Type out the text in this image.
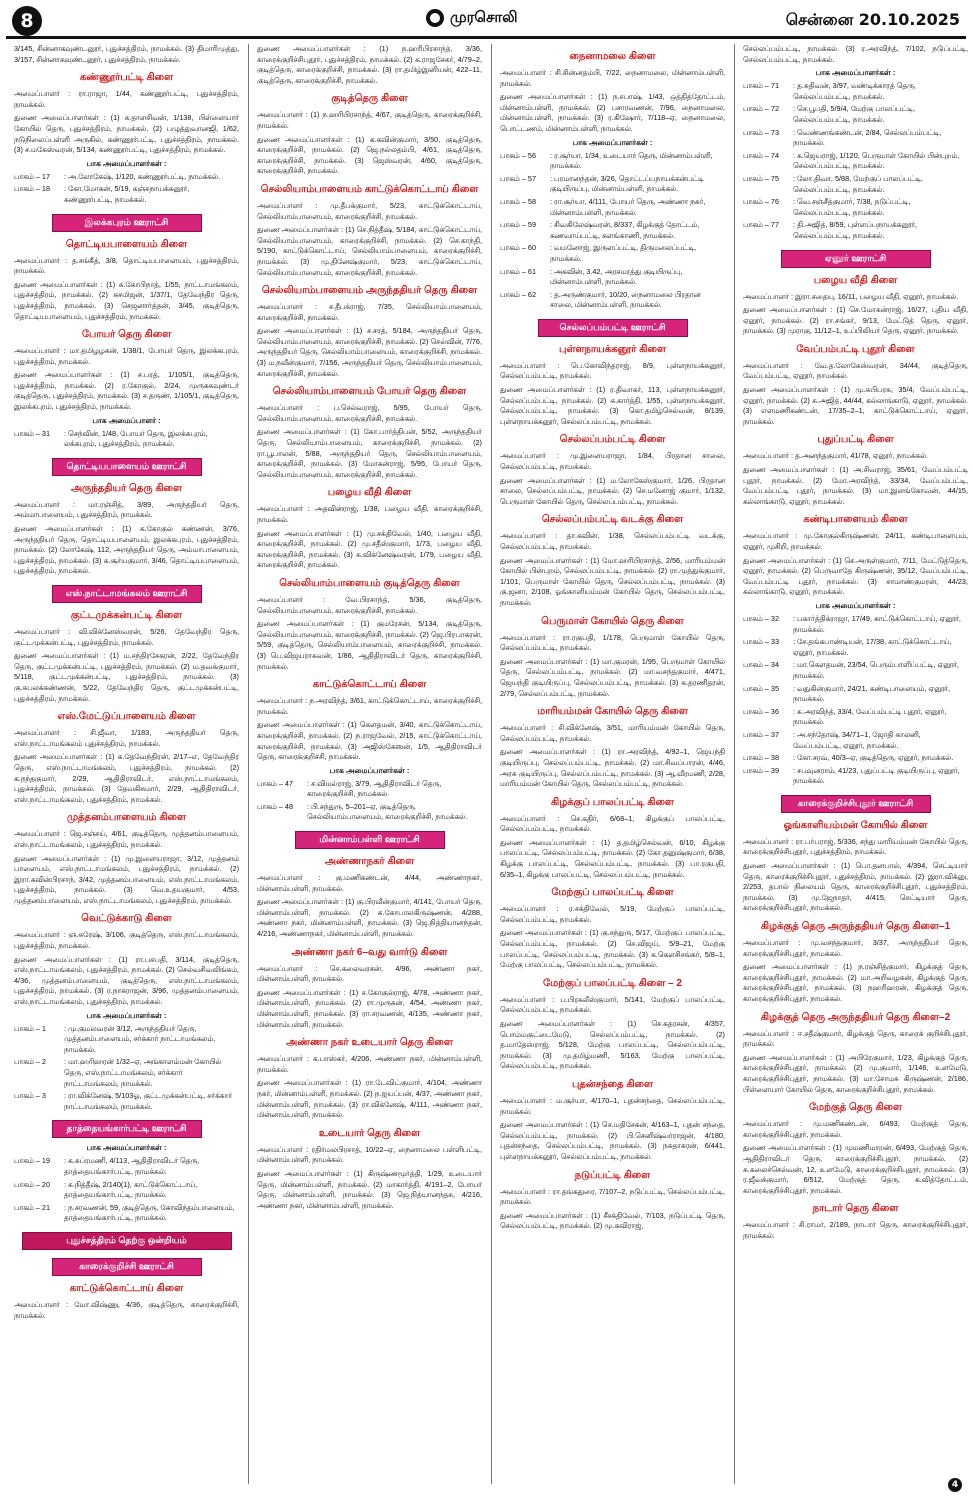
8	முரசொலி	சென்னை 20.10.2025

3/145, சின்னாகவுண்டனூர், புதுச்சத்திரம், நாமக்கல். (3) திமாரிமுத்து, 3/157, சின்னாகவுண்டனூர், புதுச்சத்திரம், நாமக்கல்.

கண்ணூர்பட்டி கிளை

அமைப்பாளர் : ரா.ராஜா, 1/44, கண்ணூர்பட்டி, புதுச்சத்திரம், நாமக்கல்.

துணை அமைப்பாளர்கள் : (1) க.தாளசிவன், 1/138, பிள்ளையார் கோயில் தெரு, புதுச்சத்திரம், நாமக்கல். (2) பழுத்துவானஜி, 1/62, நடுநிலைப்பள்ளி அருகில், கண்ணூர்பட்டி, புதுச்சத்திரம், நாமக்கல். (3) ச.மகேஸ்வரன், 5/134, கண்ணூர்பட்டி, புதுச்சத்திரம், நாமக்கல்.

பாக அமைப்பாளர்கள் :
பாகம் – 17	: அ.லோகேஷ், 1/120, கண்ணூர்பட்டி, நாமக்கல்.
பாகம் – 18	: கோ.மோகன், 5/19, கஞ்சநாயக்கனூர், கண்ணூர்பட்டி, நாமக்கல்.
இலக்கபுரம் ஊராட்சி
தொட்டியபாளையம் கிளை

அமைப்பாளர் : த.சங்கீத், 3/8, தொட்டியபாளையம், புதுச்சத்திரம், நாமக்கல்.

துணை அமைப்பாளர்கள் : (1) க.கோபிநாத், 1/55, நாட்டாமங்கலம், புதுச்சத்திரம், நாமக்கல். (2) சுசமிஜன், 1/37/1, தேவேந்திர தெரு, புதுச்சத்திரம், நாமக்கல். (3) செஜனார்த்தன், 3/45, குடித்தெரு, தொட்டியபாளையம், புதுச்சத்திரம், நாமக்கல்.

போயர் தெரு கிளை

அமைப்பாளர் : மா.தமிழழகன், 1/38/1, போயர் தெரு, இலக்கபுரம், புதுச்சத்திரம், நாமக்கல்.

துணை அமைப்பாளர்கள் : (1) ச.பரத், 1/105/1, குடித்தெரு, புதுச்சத்திரம், நாமக்கல். (2) ர.கோகுல், 2/24, முருககவுண்டர் குடித்தெரு, புதுச்சத்திரம், நாமக்கல். (3) ச.தருண், 1/105/1, குடித்தெரு, இலக்கபுரம், புதுச்சத்திரம், நாமக்கல்.

பாக அமைப்பாளர் :
பாகம் – 31	: செந்வின், 1/48, போயர் தெரு, இலக்கபுரம், லக்கபுரம், புதுச்சத்திரம், நாமக்கல்.
தொட்டியபாளையம் ஊராட்சி
அருந்ததியர் தெரு கிளை

அமைப்பாளர் : மா.ரஞ்சித், 3/89, அருந்ததியர் தெரு, அம்மாபாளையம், புதுச்சத்திரம், நாமக்கல்.

துணை அமைப்பாளர்கள் : (1) க.கோகுல் கண்ணன், 3/76, அருந்ததியர் தெரு, தொட்டியபாளையம், இலக்கபுரம், புதுச்சத்திரம், நாமக்கல். (2) லோகேஷ், 112, அருந்ததியர் தெரு, அம்மாபாளையம், புதுச்சத்திரம், நாமக்கல். (3) க.சூர்யகுமார், 3/46, தொட்டியபாளையம், புதுச்சத்திரம், நாமக்கல்.

எஸ்.நாட்டாமங்கலம் ஊராட்சி
குட்டமுக்கன்பட்டி கிளை

அமைப்பாளர் : வி.விக்னேஸ்வரன், 5/26, தேவேந்திர தெரு, குட்டமுக்கன்பட்டி, புதுச்சத்திரம், நாமக்கல்.

துணை அமைப்பாளர்கள் : (1) ம.சந்திரசேகரன், 2/22, தேவேந்திர தெரு, குட்டமுக்கன்பட்டி, புதுச்சத்திரம், நாமக்கல். (2) ம.தவக்குமார், 5/118, குட்டமுக்கன்பட்டி, புதுச்சத்திரம், நாமக்கல். (3) கு.சுபலக்கண்ணன், 5/22, தேவேந்திர தெரு, குட்டமுக்கன்பட்டி, புதுச்சத்திரம், நாமக்கல்.

எஸ்.மேட்டுப்பாளையம் கிளை

அமைப்பாளர் : சி.ஜீவா, 1/183, அருந்ததியர் தெரு, எஸ்.நாட்டாமங்கலம் புதுச்சத்திரம், நாமக்கல்.

துணை அமைப்பாளர்கள் : (1) க.தேவேந்திரன், 2/17–எ, தேவேந்திர தெரு, எஸ்.நாட்டாமங்கலம், புதுச்சத்திரம், நாமக்கல். (2) க.நந்தகுமார், 2/29, ஆதிதிராவிடர், எஸ்.நாட்டாமங்கலம், புதுச்சத்திரம், நாமக்கல். (3) தேவகிசுமார், 2/29, ஆதிதிராவிடர், எஸ்.நாட்டாமங்கலம், புதுச்சத்திரம், நாமக்கல்.

முத்தனம்பாளையம் கிளை

அமைப்பாளர் : ஜெ.சஞ்சய், 4/61, குடித்தெரு, முத்தனம்பாளையம், எஸ்.நாட்டாமங்கலம், புதுச்சத்திரம், நாமக்கல்.

துணை அமைப்பாளர்கள் : (1) மு.இளையராஜா, 3/12, முத்தனம் பாளையம், எஸ்.நாட்டாமங்கலம், புதுச்சத்திரம், நாமக்கல். (2) இரா.கவின்பிரசாந், 3/42, முத்தனம்பாளையம், எஸ்.நாட்டாமங்கலம், புதுச்சத்திரம், நாமக்கல். (3) வெ.உதயகுமார், 4/53, முத்தனம்பாளையம், எஸ்.நாட்டாமங்கலம், புதுச்சத்திரம், நாமக்கல்.

வெட்டுக்காடு கிளை

அமைப்பாளர் : ஞ.சுரேஷ், 3/106, குடித்தெரு, எஸ்.நாட்டாமங்கலம், புதுச்சத்திரம், நாமக்கல்.

துணை அமைப்பாளர்கள் : (1) ரா.பசபதி, 3/114, குடித்தெரு, எஸ்.நாட்டாமங்கலம், புதுச்சத்திரம், நாமக்கல். (2) செல்வசிவலிங்கம், 4/36, முத்தனம்பாளையம், குடித்தெரு, எஸ்.நாட்டாமங்கலம், புதுச்சத்திரம், நாமக்கல். (3) ர.நாகராஜன், 3/96, முத்தனம்பாளையம், எஸ்.நாட்டாமங்கலம், புதுச்சத்திரம், நாமக்கல்.

பாக அமைப்பாளர்கள் :
பாகம் – 1	: மு.குமலவரன் 3/12, அருந்ததியர் தெரு, முத்தனம்பாளையம், சர்க்கார் நாட்டாமங்கலம், நாமக்கல்.
பாகம் – 2	: மா.ஹரிஹரன் 1/32–ஏ, அங்காளம்மன் கோயில் தெரு, எஸ்.நாட்டாமங்கலம், சர்க்கார் நாட்டாமங்கலம், நாமக்கல்.
பாகம் – 3	: ரா.விக்னேஷ், 5/103ஓ, குட்டமுக்கன்பட்டி, சர்க்கார் நாட்டாமங்கலம், நாமக்கல்.
தாத்தையங்கார்பட்டி ஊராட்சி
பாக அமைப்பாளர்கள் :
பாகம் – 19	: க.சுப்ரமணி, 4/113, ஆதிதிராவிடர் தெரு, தாத்தையங்கார்பட்டி, நாமக்கல்.
பாகம் – 20	: சு.நித்தீஷ், 2/140(1), காட்டுக்கொட்டாய், தாத்தையங்கார்பட்டி, நாமக்கல்.
பாகம் – 21	: ந.சரவணன், 59, குடித்தெரு, கோவிந்தம்பாளையம், தாத்தையங்கார்பட்டி, நாமக்கல்.
புதுச்சத்திரம் தெற்கு ஒன்றியம்
காரைக்குறிச்சி ஊராட்சி
காட்டுக்கொட்டாய் கிளை

அமைப்பாளர் : மோ.விஷ்ணு, 4/36, குடித்தெரு, காரைக்குறிச்சி, நாமக்கல்.

துணை அமைப்பாளர்கள் : (1) ந.ஹரிபிரசாந்த், 3/36, காரைக்குறிச்சிபுதூர், புதுச்சத்திரம், நாமக்கல். (2) க.ராஜசேகர், 4/79–2, குடித்தெரு, காரைக்குறிச்சி, நாமக்கல். (3) ரா.தமிழ்இனியன், 422–11, குடித்தெரு, காரைக்குறிச்சி, நாமக்கல்.

குடித்தெரு கிளை

அமைப்பாளர் : (1) ந.ஹரிபிரசாந்த், 4/67, குடித்தெரு, காரைக்குறிச்சி, நாமக்கல்.

துணை அமைப்பாளர்கள் : (1) க.கவின்குமார், 3/50, குடித்தெரு, காரைக்குறிச்சி, நாமக்கல். (2) ஜெ.நல்லதம்பி, 4/61, குடித்தெரு, காரைக்குறிச்சி, நாமக்கல். (3) ஜெஸ்வரன், 4/60, குடித்தெரு, காரைக்குறிச்சி, நாமக்கல்.

செல்லியாம்பாளையம் காட்டுக்கொட்டாய் கிளை

அமைப்பாளர் : மு.தீபக்குமார், 5/23, காட்டுக்கொட்டாய், செல்லியாம்பாளையம், காரைக்குறிச்சி, நாமக்கல்.

துணை அமைப்பாளர்கள் : (1) செ.நித்தீஷ், 5/184, காட்டுக்கொட்டாய், செல்லியாம்பாளையம், காரைக்குறிச்சி, நாமக்கல். (2) செ.காந்தி, 5/190, காட்டுக்கொட்டாய், செல்லியாம்பாளையம், காரைக்குறிச்சி, நாமக்கல். (3) மு.தினேஷ்குமார், 5/23, காட்டுக்கொட்டாய், செல்லியாம்பாளையம், காரைக்குறிச்சி, நாமக்கல்.

செல்லியாம்பாளையம் அருந்ததியர் தெரு கிளை

அமைப்பாளர் : ச.தீபக்ராஜ், 7/35, செல்லியாம்பாளையம், காரைக்குறிச்சி, நாமக்கல்.

துணை அமைப்பாளர்கள் : (1) ச.சரத், 5/184, அருந்ததியர் தெரு, செல்லியாம்பாளையம், காரைக்குறிச்சி, நாமக்கல். (2) செல்வின், 7/76, அருந்ததியர் தெரு, செல்லியாம்பாளையம், காரைக்குறிச்சி, நாமக்கல். (3) ம.நவீன்குமார், 7/156, அருந்ததியர் தெரு, செல்லியாம்பாளையம், காரைக்குறிச்சி, நாமக்கல்.

செல்லியாம்பாளையம் போயர் தெரு கிளை

அமைப்பாளர் : ப.செல்வராஜ், 5/95, போயர் தெரு, செல்லியாம்பாளையம், காரைக்குறிச்சி, நாமக்கல்.

துணை அமைப்பாளர்கள் : (1) கோ.பார்த்திபன், 5/52, அருந்ததியர் தெரு, செல்லியாம்பாளையம், காரைக்குறிச்சி, நாமக்கல். (2) ரா.பூபாலன், 5/88, அருந்ததியர் தெரு, செல்லியாம்பாளையம், காரைக்குறிச்சி, நாமக்கல். (3) மோகன்ராஜ், 5/95, போயர் தெரு, செல்லியாம்பாளையம், காரைக்குறிச்சி, நாமக்கல்.

பழைய வீதி கிளை

அமைப்பாளர் : அதவின்ராஜ், 1/38, பழைய வீதி, காரைக்குறிச்சி, நாமக்கல்.

துணை அமைப்பாளர்கள் : (1) மு.சக்திவேல், 1/40, பழைய வீதி, காரைக்குறிச்சி, நாமக்கல். (2) மு.சதீஸ்குமார், 1/73, பழைய வீதி, காரைக்குறிச்சி, நாமக்கல். (3) சு.விக்னேஷ்வரன், 1/79, பழைய வீதி, காரைக்குறிச்சி, நாமக்கல்.

செல்லியாம்பாளையம் குடித்தெரு கிளை

அமைப்பாளர் : வே.பிரசாந்த், 5/36, குடித்தெரு, செல்லியாம்பாளையம், காரைக்குறிச்சி, நாமக்கல்.

துணை அமைப்பாளர்கள் : (1) குமரேசன், 5/134, குடித்தெரு, செல்லியாம்பாளையம், காரைக்குறிச்சி, நாமக்கல். (2) ஜெ.பிரபாகரன், 5/59, குடித்தெரு, செல்லியாம்பாளையம், காரைக்குறிச்சி, நாமக்கல். (3) பெ.விஜயராகவன், 1/86, ஆதிதிராவிடர் தெரு, காரைக்குறிச்சி, நாமக்கல்.

காட்டுக்கொட்டாய் கிளை

அமைப்பாளர் : ந.அரவிந்த், 3/61, காட்டுக்கொட்டாய், காரைக்குறிச்சி, நாமக்கல்.

துணை அமைப்பாளர்கள் : (1) கௌதமன், 3/40, காட்டுக்கொட்டாய், காரைக்குறிச்சி, நாமக்கல். (2) ந.ராஜவேல், 2/15, காட்டுக்கொட்டாய், காரைக்குறிச்சி, நாமக்கல். (3) அஜிஸ்கேஸன், 1/5, ஆதிதிராவிடர் தெரு, காரைக்குறிச்சி, நாமக்கல்.

பாக அமைப்பாளர்கள் :
பாகம் – 47	: ச.விமல்ராஜ், 3/79, ஆதிதிராவிடர் தெரு, காரைக்குறிச்சி, நாமக்கல்.
பாகம் – 48	: பி.சந்துரு, 5–201–ஏ, குடித்தெரு, செல்லியாம்பாளையம், காரைக்குறிச்சி, நாமக்கல்.
மின்னாம்பள்ளி ஊராட்சி
அண்ணாநகர் கிளை

அமைப்பாளர் : கு.மணிகண்டன், 4/44, அண்ணாநகர், மின்னாம்பள்ளி, நாமக்கல்.

துணை அமைப்பாளர்கள் : (1) கு.பிரவீன்குமார், 4/141, போயர் தெரு, மின்னாம்பள்ளி, நாமக்கல். (2) சு.கோபாலகிருஷ்ணன், 4/288, அண்ணா நகர், மின்னாம்பள்ளி, நாமக்கல். (3) ஜெ.நித்தியானந்தன், 4/216, அண்ணாநகர், மின்னாம்பள்ளி, நாமக்கல்.

அண்ணா நகர் 6–வது வார்டு கிளை

அமைப்பாளர் : செ.கலைவரசன், 4/96, அண்ணா நகர், மின்னாம்பள்ளி, நாமக்கல்.

துணை அமைப்பாளர்கள் : (1) ச.கோகுல்ராஜ், 4/78, அண்ணா நகர், மின்னாம்பள்ளி, நாமக்கல். (2) ரா.முருகன், 4/54, அண்ணா நகர், மின்னாம்பள்ளி, நாமக்கல். (3) ரா.சரவணன், 4/135, அண்ணா நகர், மின்னாம்பள்ளி, நாமக்கல்.

அண்ணா நகர் உடையார் தெரு கிளை

அமைப்பாளர் : க.பாஸ்கர், 4/206, அண்ணா நகர், மின்னாம்பள்ளி, நாமக்கல்.

துணை அமைப்பாளர்கள் : (1) ரா.டேவிட்குமார், 4/104, அண்ணா நகர், மின்னாம்பள்ளி, நாமக்கல். (2) ந.ஐயப்பன், 4/37, அண்ணா நகர், மின்னாம்பள்ளி, நாமக்கல். (3) ரா.விக்னேஷ், 4/111, அண்ணா நகர், மின்னாம்பள்ளி, நாமக்கல்.

உடையார் தெரு கிளை

அமைப்பாளர் : ரதிர்மலபிரசாத், 10/22–ஏ, நைனாமலை பள்ளிபட்டி, மின்னாம்பள்ளி, நாமக்கல்.

துணை அமைப்பாளர்கள் : (1) கிருஷ்ணமூர்த்தி, 1/29, உடையார் தெரு, மின்னாம்பள்ளி, நாமக்கல். (2) மாகார்த்தி, 4/191–2, போயர் தெரு, மின்னாம்பள்ளி, நாமக்கல். (3) ஜெ.நித்யானந்தசு, 4/216, அண்ணா நகர், மின்னாம்பள்ளி, நாமக்கல்.

நைனாமலை கிளை

அமைப்பாளர் : சி.சின்னதம்பி, 7/22, நைனாமலை, மின்னாம்பள்ளி, நாமக்கல்.

துணை அமைப்பாளர்கள் : (1) ந.சபாஷ், 1/43, ஒத்தித்தோட்டம், மின்னாம்பள்ளி, நாமக்கல். (2) பசாரவணன், 7/96, நைனாமலை, மின்னாம்பள்ளி, நாமக்கல். (3) ர.கிஷோர், 7/118–ஏ, நைனாமலை, பொட்டணம், மின்னாம்பள்ளி, நாமக்கல்.

பாக அமைப்பாளர்கள் :
பாகம் – 56	: ர.சூர்யா, 1/34, உடையார் தெரு, மின்னாம்பள்ளி, நாமக்கல்.
பாகம் – 57	: பரமானந்தன், 3/26, தொட்டப்பநாயக்கன்பட்டி குடியிருப்பு, மின்னாம்பள்ளி, நாமக்கல்.
பாகம் – 58	: ரா.சூர்யா, 4/111, போயர் தெரு, அண்ணா நகர், மின்னாம்பள்ளி, நாமக்கல்.
பாகம் – 59	: சிவகிலேஷ்வரன், 8/337, கிழக்குத் தோட்டம், கணவாய்பட்டி, களங்காணி, நாமக்கல்.
பாகம் – 60	: வமனோஜ், இருளப்பட்டி, திருமலைப்பட்டி, நாமக்கல்.
பாகம் – 61	: அகவின், 3.42, அரசமரத்து குடியிருப்பு, மின்னாம்பள்ளி, நாமக்கல்.
பாகம் – 62	: த.அருண்குமார், 10/20, நைனாமலை பிரதான சாலை, மின்னாம்பள்ளி, நாமக்கல்.
செல்லப்பம்பட்டி ஊராட்சி
புள்ளநாயக்கனூர் கிளை

அமைப்பாளர் : பெ.கோவிந்தராஜ், 8/9, புள்ளநாயக்கனூர், செல்லப்பம்பட்டி, நாமக்கல்.

துணை அமைப்பாளர்கள் : (1) ர.திவாகர், 113, புள்ளநாயக்கனூர், செல்லப்பம்பட்டி, நாமக்கல். (2) சு.கார்த்தி, 1/55, புள்ளநாயக்கனூர், செல்லப்பம்பட்டி, நாமக்கல். (3) கொ.தமிழ்செல்வன், 8/139, புள்ளநாயக்கனூர், செல்லப்பம்பட்டி, நாமக்கல்.

செல்லப்பம்பட்டி கிளை

அமைப்பாளர் : மு.இளையராஜா, 1/84, பிரதான சாலை, செல்லப்பம்பட்டி, நாமக்கல்.

துணை அமைப்பாளர்கள் : (1) ம.லோகேஸ்குமார், 1/26, பிரதான சாலை, செல்லப்பம்பட்டி, நாமக்கல். (2) செ.மனோஜ் குமார், 1/132, பெருமாள் கோயில் தெரு, செல்லப்பம்பட்டி, நாமக்கல்.

செல்லப்பம்பட்டி வடக்கு கிளை

அமைப்பாளர் : தா.கவின், 1/38, செல்லப்பம்பட்டி வடக்கு, செல்லப்பம்பட்டி, நாமக்கல்.

துணை அமைப்பாளர்கள் : (1) மோ.ஹரிபிரசாந்த், 2/56, மாரியம்மன் கோயில் பின்புறம், செல்லப்பம்பட்டி, நாமக்கல். (2) ரா.முத்துக்குமார், 1/101, பெருமாள் கோயில் தெரு, செல்லப்பம்பட்டி, நாமக்கல். (3) கு.ஜனா, 2/108, ஓங்காளியம்மன் கோயில் தெரு, செல்லப்பம்பட்டி, நாமக்கல்.

பெருமாள் கோயில் தெரு கிளை

அமைப்பாளர் : ரா.ரகுபதி, 1/178, பெருமாள் கோயில் தெரு, செல்லப்பம்பட்டி, நாமக்கல்.

துணை அமைப்பாளர்கள் : (1) மா.குமரன், 1/95, பெருமாள் கோயில் தெரு, செல்லப்பம்பட்டி, நாமக்கல். (2) மா.வசந்தகுமார், 4/471, ஜெயந்தி குடியிருப்பு, செல்லப்பம்பட்டி, நாமக்கல். (3) க.தரணிதரன், 2/79, செல்லப்பம்பட்டி, நாமக்கல்.

மாரியம்மன் கோயில் தெரு கிளை

அமைப்பாளர் : சி.விக்னேஷ், 3/51, மாரியம்மன் கோயில் தெரு, செல்லப்பம்பட்டி, நாமக்கல்.

துணை அமைப்பாளர்கள் : (1) ரா.அரவிந்த், 4/92–1, ஜெயந்தி குடியிருப்பு, செல்லப்பம்பட்டி, நாமக்கல். (2) மா.சிவப்பாரன், 4/46, அரசு குடியிருப்பு, செல்லப்பம்பட்டி, நாமக்கல். (3) ஆ.வீரமணி, 2/28, மாரியம்மன் கோயில் தெரு, செல்லப்பம்பட்டி, நாமக்கல்.

கிழக்குப் பாலப்பட்டி கிளை

அமைப்பாளர் : செ.கதிர், 6/68–1, கிழக்குப் பாலப்பட்டி, செல்லப்பம்பட்டி, நாமக்கல்.

துணை அமைப்பாளர்கள் : (1) த.தமிழ்செல்வன், 6/10, கிழக்கு பாலப்பட்டி, செல்லப்பம்பட்டி, நாமக்கல். (2) கோ.தனுஷ்குமார், 6/38, கிழக்கு பாலப்பட்டி, செல்லப்பம்பட்டி, நாமக்கல். (3) பா.ரகுபதி, 6/35–1, கிழக்கு பாலப்பட்டி, செல்லப்பம்பட்டி, நாமக்கல்.

மேற்குப் பாலப்பட்டி கிளை

அமைப்பாளர் : ர.சக்திவேல், 5/19, மேற்குப் பாலப்பட்டி, செல்லப்பம்பட்டி, நாமக்கல்.

துணை அமைப்பாளர்கள் : (1) கு.சந்துரு, 5/17, மேற்குப் பாலப்பட்டி, செல்லப்பம்பட்டி, நாமக்கல். (2) செ.விஜய், 5/9–21, மேற்கு பாலப்பட்டி, செல்லப்பம்பட்டி, நாமக்கல். (3) க.கௌசிசங்கர், 5/8–1, மேற்கு பாலப்பட்டி, செல்லப்பம்பட்டி, நாமக்கல்.

மேற்குப் பாலப்பட்டி கிளை – 2

அமைப்பாளர் : ப.பிரகலீஸ்குமார், 5/141, மேற்குப் பாலப்பட்டி, செல்லப்பம்பட்டி, நாமக்கல்.

துணை அமைப்பாளர்கள் : (1) செ.கதரசன், 4/357, பொம்மகுட்டைமேடு, செல்லப்பம்பட்டி, நாமக்கல். (2) த.மாதேஸ்ராஜ், 5/128, மேற்கு பாலப்பட்டி, செல்லப்பம்பட்டி, நாமக்கல். (3) மு.தமிழ்மணி, 5/163, மேற்கு பாலப்பட்டி, செல்லப்பம்பட்டி, நாமக்கல்.

புதன்சந்தை கிளை

அமைப்பாளர் : ம.சூர்யா, 4/170–1, புதன்சந்தை, செல்லப்பம்பட்டி, நாமக்கல்.

துணை அமைப்பாளர்கள் : (1) செ.மதிசேகன், 4/163–1, புதன் சந்தை, செல்லப்பம்பட்டி, நாமக்கல். (2) பி.செனிஷ்வர்ராஜன், 4/180, புதன்சந்தை, செல்லப்பம்பட்டி, நாமக்கல். (3) நசுதாகரன், 6/441, புள்ளநாயக்கனூர், செல்லப்பம்பட்டி, நாமக்கல்.

நடுப்பட்டி கிளை

அமைப்பாளர் : ரா.தங்கதுரை, 7/107–2, நடுப்பட்டி, செல்லப்பம்பட்டி, நாமக்கல்.

துணை அமைப்பாளர்கள் : (1) சீசக்திவேல், 7/103, நடுப்பட்டி தெரு, செல்லப்பம்பட்டி, நாமக்கல். (2) மு.கவிராஜ்,

செல்லப்பம்பட்டி, நாமக்கல். (3) ர.அரவிந்த், 7/102, நடுப்பட்டி, செல்லப்பம்பட்டி, நாமக்கல்.

பாக அமைப்பாளர்கள் :
பாகம் – 71	: த.சுதிவன், 3/97, வண்டிக்காரத் தெரு, செல்லப்பம்பட்டி, நாமக்கல்.
பாகம் – 72	: செ.பூபதி, 5/9/4, மேற்கு பாலப்பட்டி, செல்லப்பம்பட்டி, நாமக்கல்.
பாகம் – 73	: வெண்ணங்கண்டன், 2/84, செல்லப்பம்பட்டி, நாமக்கல்.
பாகம் – 74	: க.ஜெயராஜ், 1/120, பெருமாள் கோயில் பின்புறம், செல்லப்பம்பட்டி, நாமக்கல்.
பாகம் – 75	: லோ.திவா, 5/88, மேற்குப் பாலப்பட்டி, செல்லப்பம்பட்டி, நாமக்கல்.
பாகம் – 76	: வெ.சஞ்சீத்குமார், 7/38, நடுப்பட்டி, செல்லப்பம்பட்டி, நாமக்கல்.
பாகம் – 77	: தி.அஜித், 8/59, புள்ளப்பநாயக்கனூர், செல்லப்பம்பட்டி, நாமக்கல்.
ஏனூர் ஊராட்சி
பழைய வீதி கிளை

அமைப்பாளர் : இரா.சதையு, 16/11, பழைய வீதி, ஏனூர், நாமக்கல்.

துணை அமைப்பாளர்கள் : (1) செ.மோகன்ராஜ், 16/27, புதிய வீதி, ஏனூர், நாமக்கல். (2) ரா.சங்கர், 9/13, மேட்டுத் தெரு, ஏனூர், நாமக்கல். (3) முராகு, 11/12–1, உப்பிலியர் தெரு, ஏனூர், நாமக்கல்.

வேப்பம்பட்டி புதூர் கிளை

அமைப்பாளர் : வே.த.லோகேஸ்வரன், 34/44, குடித்தெரு, வேப்பம்பட்டி, ஏனூர், நாமக்கல்.

துணை அமைப்பாளர்கள் : (1) மு.சுபிபரசு, 35/4, வேப்பம்பட்டி, ஏனூர், நாமக்கல். (2) சு.அஜித், 44/44, கல்லாங்காடு, ஏனூர், நாமக்கல். (3) எளமணிகண்டன், 17/35–2–1, காட்டுக்கொட்டாய், ஏனூர், நாமக்கல்.

புதுப்பட்டி கிளை

அமைப்பாளர் : த.அனந்தகுமார், 41/78, ஏனூர், நாமக்கல்.

துணை அமைப்பாளர்கள் : (1) அ.சிவராஜ், 35/61, வேப்பம்பட்டி புதூர், நாமக்கல். (2) மோ.அரவிந்த், 33/34, வேப்பம்பட்டி, வேப்பம்பட்டி புதூர், நாமக்கல். (3) மா.இளங்கோவன், 44/15, கல்லாங்காடு, ஏனூர், நாமக்கல்.

கண்டிபாளையம் கிளை

அமைப்பாளர் : மு.கோகுல்கிருஷ்ணன், 24/11, கண்டிபாளையம், ஏனூர், முசிறி, நாமக்கல்.

துணை அமைப்பாளர்கள் : (1) செ.அருள்குமார், 7/11, மேட்டுத்தெரு, ஏனூர், நாமக்கல். (2) பெருவாதே கிருஷ்ணன், 35/12, வேப்பம்பட்டி, வேப்பம்பட்டி புதூர், நாமக்கல். (3) சாமாண்குமரன், 44/23, கல்லாங்காடு, ஏனூர், நாமக்கல்.

பாக அமைப்பாளர்கள் :
பாகம் – 32	: பகார்த்திக்ராஜா, 17/49, காட்டுக்கொட்டாய், ஏனூர், நாமக்கல்.
பாகம் – 33	: சே.தங்கபாண்டியன், 17/38, காட்டுக்கொட்டாய், ஏனூர், நாமக்கல்.
பாகம் – 34	: மா.கௌதமன், 23/54, பெரும்பாளிப்பட்டி, ஏனூர், நாமக்கல்.
பாகம் – 35	: வதுகின்குமார், 24/21, கண்டிபாளையம், ஏனூர், நாமக்கல்.
பாகம் – 36	: சு.அரவிந்த், 33/4, வேப்பம்பட்டி புதூர், ஏனூர், நாமக்கல்.
பாகம் – 37	: அ.சந்தோஷ், 34/71–1, ஜோதி காலனி, வேப்பம்பட்டி, ஏனூர், நாமக்கல்.
பாகம் – 38	: கோ.சரவ், 40/3–ஏ, குடித்தெரு, ஏனூர், நாமக்கல்.
பாகம் – 39	: சபவுனராம், 41/23, புதுப்பட்டி குடியிருப்பு, ஏனூர், நாமக்கல்.
காரைக்குறிச்சிபுதூர் ஊராட்சி
ஓங்காளியம்மன் கோயில் கிளை

அமைப்பாளர் : ரா.பர்பராஜ், 5/336, சந்து மாரியம்மன் கோயில் தெரு, காரைக்குறிச்சிபுதூர், புதுச்சத்திரம், நாமக்கல்.

துணை அமைப்பாளர்கள் : (1) பொ.தனபால், 4/394, செட்டியார் தெரு, காரைக்குறிச்சிபுதூர், புதுச்சத்திரம், நாமக்கல். (2) இரா.விக்னு, 2/253, தபால் நிலையம் தெரு, காரைக்குறிச்சிபுதூர், புதுச்சத்திரம், நாமக்கல். (3) மு.ஜேநாதர், 4/415, செட்டியார் தெரு, காரைக்குறிச்சிபுதூர், நாமக்கல்.

கிழக்குத் தெரு அருந்ததியர் தெரு கிளை–1

அமைப்பாளர் : மு.வசந்தகுமார், 3/37, அருந்ததியர் தெரு, காரைக்குறிச்சிபுதூர், நாமக்கல்.

துணை அமைப்பாளர்கள் : (1) ந.ரஞ்சித்குமார், கிழக்குத் தெரு, காரைக்குறிச்சிபுதூர், நாமக்கல். (2) மா.அறிவழகன், கிழக்குத் தெரு, காரைக்குறிச்சிபுதூர், நாமக்கல். (3) நஹரிஹரன், கிழக்குத் தெரு, காரைக்குறிச்சிபுதூர், நாமக்கல்.

கிழக்குத் தெரு அருந்ததியர் தெரு கிளை–2

அமைப்பாளர் : ஈ.சதீஷ்குமார், கிழக்குத் தெரு, காரைக் குறிச்சிபுதூர், நாமக்கல்.

துணை அமைப்பாளர்கள் : (1) அபிரேகுமார், 1/23, கிழக்குத் தெரு, காரைக்குறிச்சிபுதூர், நாமக்கல். (2) மு.குமார், 1/146, உளமேடு, காரைக்குறிச்சிபுதூர், நாமக்கல். (3) மா.சோமசு கிருஷ்ணன், 2/186, பிள்ளையார் கோயில் தெரு, காரைக்குறிச்சிபுதூர், நாமக்கல்.

மேற்குத் தெரு கிளை

அமைப்பாளர் : மு.மணிகண்டன், 6/493, மேற்குத் தெரு, காரைக்குறிச்சிபுதூர், நாமக்கல்.

துணை அமைப்பாளர்கள் : (1) முமணிமாறன், 6/493, மேற்குத் தெரு, ஆதிதிராவிடர் தெரு, காரைக்குறிச்சிபுதூர், நாமக்கல். (2) க.கலைச்செல்வன், 12, உளமேடு, காரைக்குறிச்சிபுதூர், நாமக்கல். (3) ர.ஜீவக்குமார், 6/512, மேற்குத் தெரு, க.வித்தோட்டம், காரைக்குறிச்சிபுதூர், நாமக்கல்.

நாடார் தெரு கிளை

அமைப்பாளர் : சி.ராமர், 2/189, நாடார் தெரு, காரைக்குறிச்சிபுதூர், நாமக்கல்.

4
